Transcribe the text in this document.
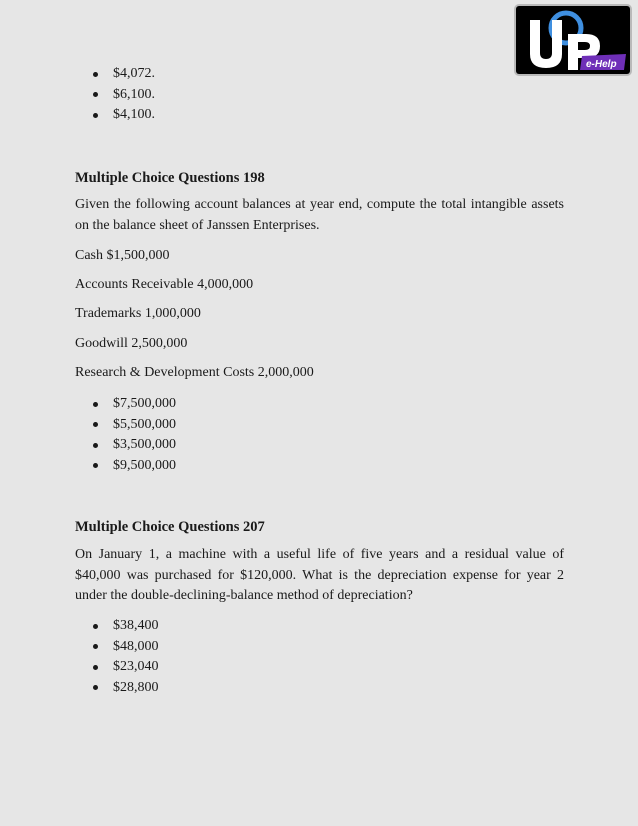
e-Help
$4,072.
$6,100.
$4,100.
Multiple Choice Questions 198

Given the following account balances at year end, compute the total intangible assets on the balance sheet of Janssen Enterprises.

Cash $1,500,000

Accounts Receivable 4,000,000

Trademarks 1,000,000

Goodwill 2,500,000

Research & Development Costs 2,000,000

$7,500,000
$5,500,000
$3,500,000
$9,500,000
Multiple Choice Questions 207

On January 1, a machine with a useful life of five years and a residual value of $40,000 was purchased for $120,000. What is the depreciation expense for year 2 under the double-declining-balance method of depreciation?

$38,400
$48,000
$23,040
$28,800
